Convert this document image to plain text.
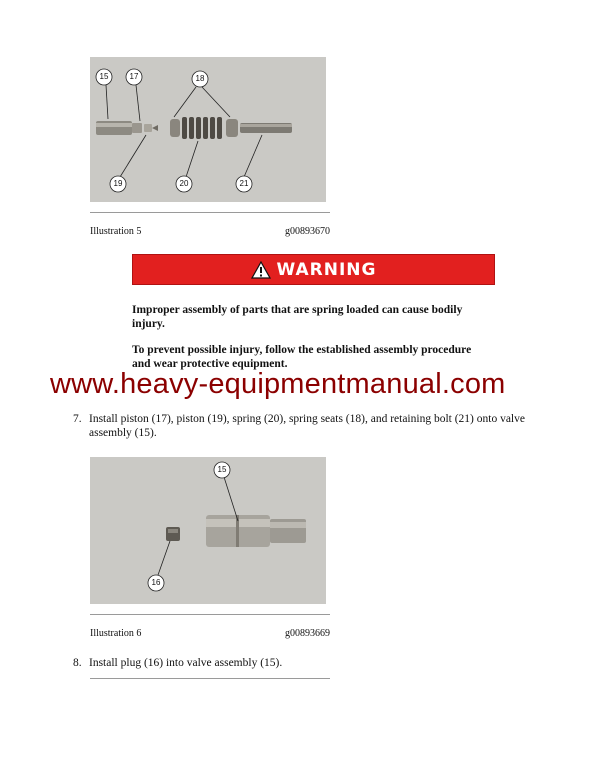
15	17	18
19	20	21
Illustration 5	g00893670
WARNING
Improper assembly of parts that are spring loaded can cause bodily injury.
To prevent possible injury, follow the established assembly procedure and wear protective equipment.
www.heavy-equipmentmanual.com
7. Install piston (17), piston (19), spring (20), spring seats (18), and retaining bolt (21) onto valve assembly (15).
15
16
Illustration 6	g00893669
8. Install plug (16) into valve assembly (15).
